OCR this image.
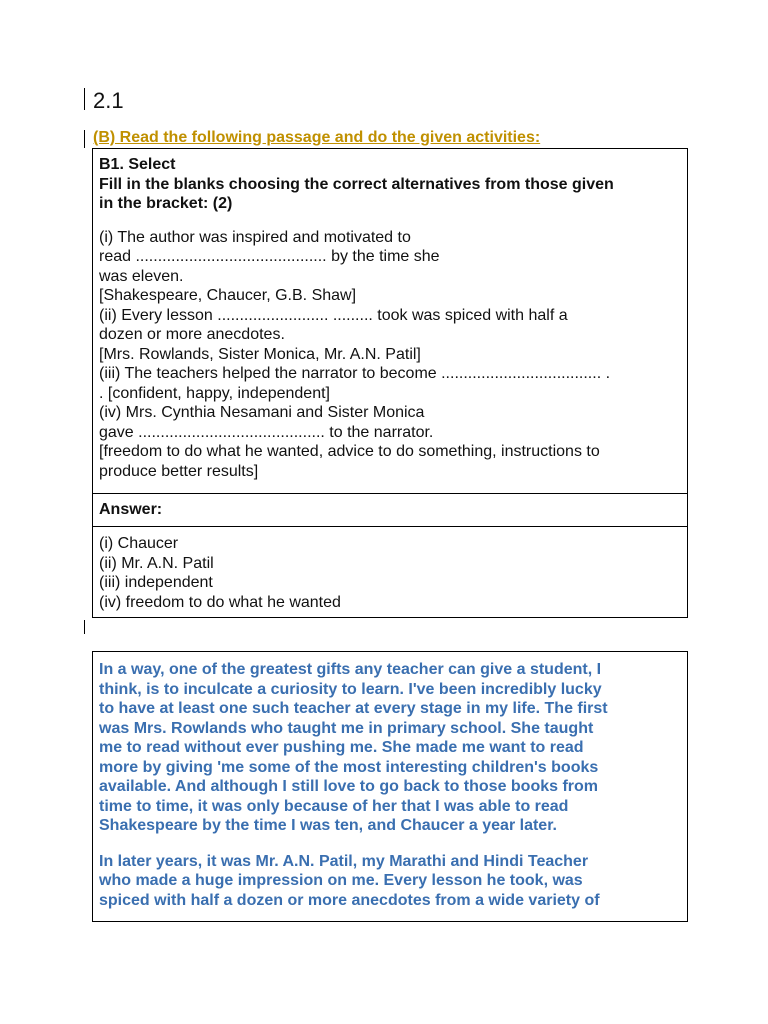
2.1
(B) Read the following passage and do the given activities:
B1. Select
Fill in the blanks choosing the correct alternatives from those given
in the bracket: (2)
(i) The author was inspired and motivated to
read ........................................... by the time she
was eleven.
[Shakespeare, Chaucer, G.B. Shaw]
(ii) Every lesson ......................... ......... took was spiced with half a
dozen or more anecdotes.
[Mrs. Rowlands, Sister Monica, Mr. A.N. Patil]
(iii) The teachers helped the narrator to become .................................... .
. [confident, happy, independent]
(iv) Mrs. Cynthia Nesamani and Sister Monica
gave .......................................... to the narrator.
[freedom to do what he wanted, advice to do something, instructions to
produce better results]
Answer:
(i) Chaucer
(ii) Mr. A.N. Patil
(iii) independent
(iv) freedom to do what he wanted

In a way, one of the greatest gifts any teacher can give a student, I
think, is to inculcate a curiosity to learn. I've been incredibly lucky
to have at least one such teacher at every stage in my life. The first
was Mrs. Rowlands who taught me in primary school. She taught
me to read without ever pushing me. She made me want to read
more by giving 'me some of the most interesting children's books
available. And although I still love to go back to those books from
time to time, it was only because of her that I was able to read
Shakespeare by the time I was ten, and Chaucer a year later.

In later years, it was Mr. A.N. Patil, my Marathi and Hindi Teacher
who made a huge impression on me. Every lesson he took, was
spiced with half a dozen or more anecdotes from a wide variety of
